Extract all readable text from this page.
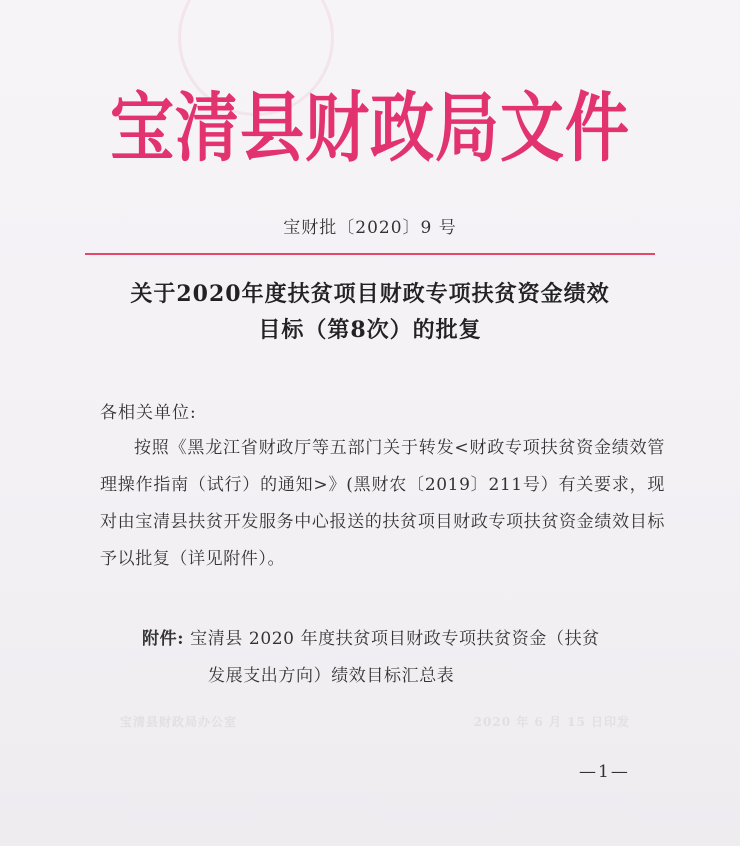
宝清县财政局文件
宝财批〔2020〕9 号
关于2020年度扶贫项目财政专项扶贫资金绩效
目标（第8次）的批复
各相关单位:
按照《黑龙江省财政厅等五部门关于转发<财政专项扶贫资金绩效管理操作指南（试行）的通知>》(黑财农〔2019〕211号）有关要求，现对由宝清县扶贫开发服务中心报送的扶贫项目财政专项扶贫资金绩效目标予以批复（详见附件）。
附件: 宝清县 2020 年度扶贫项目财政专项扶贫资金（扶贫
发展支出方向）绩效目标汇总表
宝清县财政局办公室	2020 年 6 月 15 日印发
—1—
